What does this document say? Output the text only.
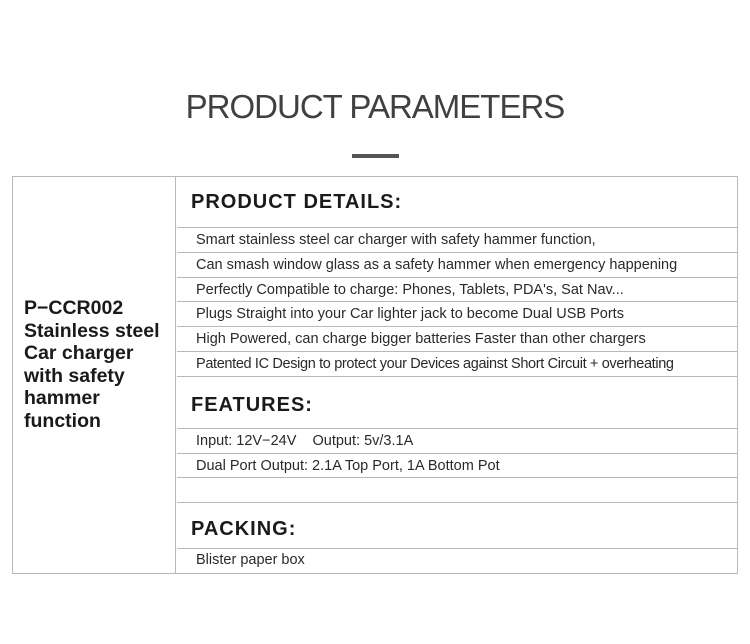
PRODUCT PARAMETERS
P−CCR002 Stainless steel Car charger with safety hammer function
PRODUCT DETAILS:
Smart stainless steel car charger with safety hammer function,
Can smash window glass as a safety hammer when emergency happening
Perfectly Compatible to charge: Phones, Tablets, PDA's, Sat Nav...
Plugs Straight into your Car lighter jack to become Dual USB Ports
High Powered, can charge bigger batteries Faster than other chargers
Patented IC Design to protect your Devices against Short Circuit + overheating
FEATURES:
Input: 12V−24V    Output: 5v/3.1A
Dual Port Output: 2.1A Top Port, 1A Bottom Pot
PACKING:
Blister paper box
